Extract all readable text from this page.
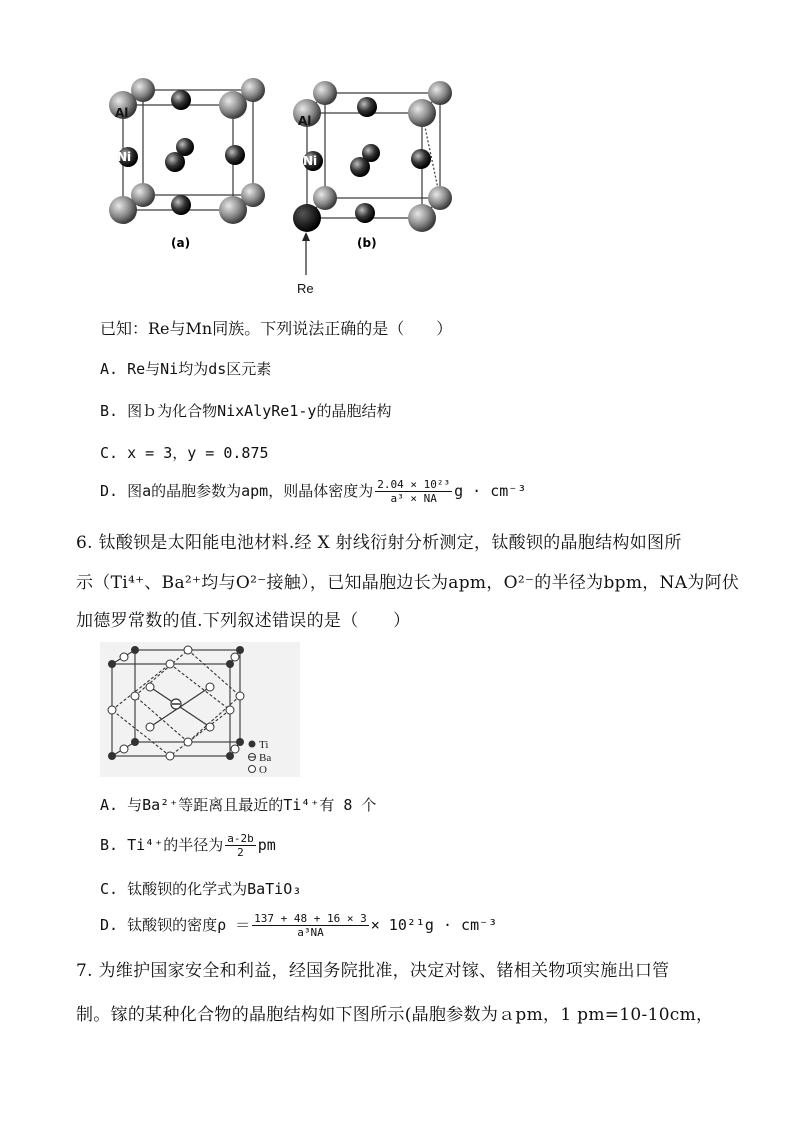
Al
Ni
(a)
Al
Ni
(b)
Re
已知：Re与Mn同族。下列说法正确的是（　　）
A. Re与Ni均为ds区元素
B. 图ｂ为化合物NixAlyRe1-y的晶胞结构
C. x = 3，y = 0.875
D. 图a的晶胞参数为apm，则晶体密度为 $\frac{\text{2.04 × 10²³}}{\text{a³ × NA}}$ g · cm⁻³
6. 钛酸钡是太阳能电池材料.经 X 射线衍射分析测定，钛酸钡的晶胞结构如图所
示（Ti⁴⁺、Ba²⁺均与O²⁻接触），已知晶胞边长为apm，O²⁻的半径为bpm，NA为阿伏
加德罗常数的值.下列叙述错误的是（　　）
Ti
Ba
O
A. 与Ba²⁺等距离且最近的Ti⁴⁺有 8 个
B. Ti⁴⁺的半径为 $\frac{a-2b}{2}$ pm
C. 钛酸钡的化学式为BaTiO₃
D. 钛酸钡的密度$\rho = \frac{137 + 48 + 16 \times 3}{\text{a³NA}} \times 10^{21}g \cdot cm^{-3}$
7. 为维护国家安全和利益，经国务院批准，决定对镓、锗相关物项实施出口管
制。镓的某种化合物的晶胞结构如下图所示(晶胞参数为ａpm，1 pm=10-10cm，
